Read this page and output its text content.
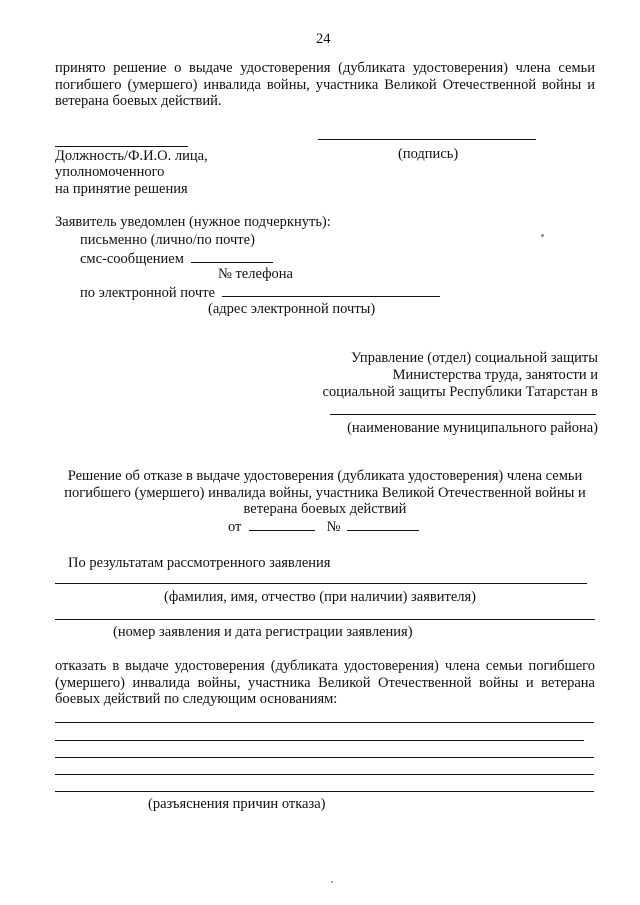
24
принято решение о выдаче удостоверения (дубликата удостоверения) члена семьи погибшего (умершего) инвалида войны, участника Великой Отечественной войны и ветерана боевых действий.
Должность/Ф.И.О. лица,	(подпись)
уполномоченного
на принятие решения
Заявитель уведомлен (нужное подчеркнуть):
письменно (лично/по почте)
смс-сообщением
№ телефона
по электронной почте
(адрес электронной почты)
Управление (отдел) социальной защиты
Министерства труда, занятости и
социальной защиты Республики Татарстан в
(наименование муниципального района)
Решение об отказе в выдаче удостоверения (дубликата удостоверения) члена семьи
погибшего (умершего) инвалида войны, участника Великой Отечественной войны и
ветерана боевых действий
от	№
По результатам рассмотренного заявления
(фамилия, имя, отчество (при наличии) заявителя)
(номер заявления и дата регистрации заявления)
отказать в выдаче удостоверения (дубликата удостоверения) члена семьи погибшего (умершего) инвалида войны, участника Великой Отечественной войны и ветерана боевых действий по следующим основаниям:
(разъяснения причин отказа)
